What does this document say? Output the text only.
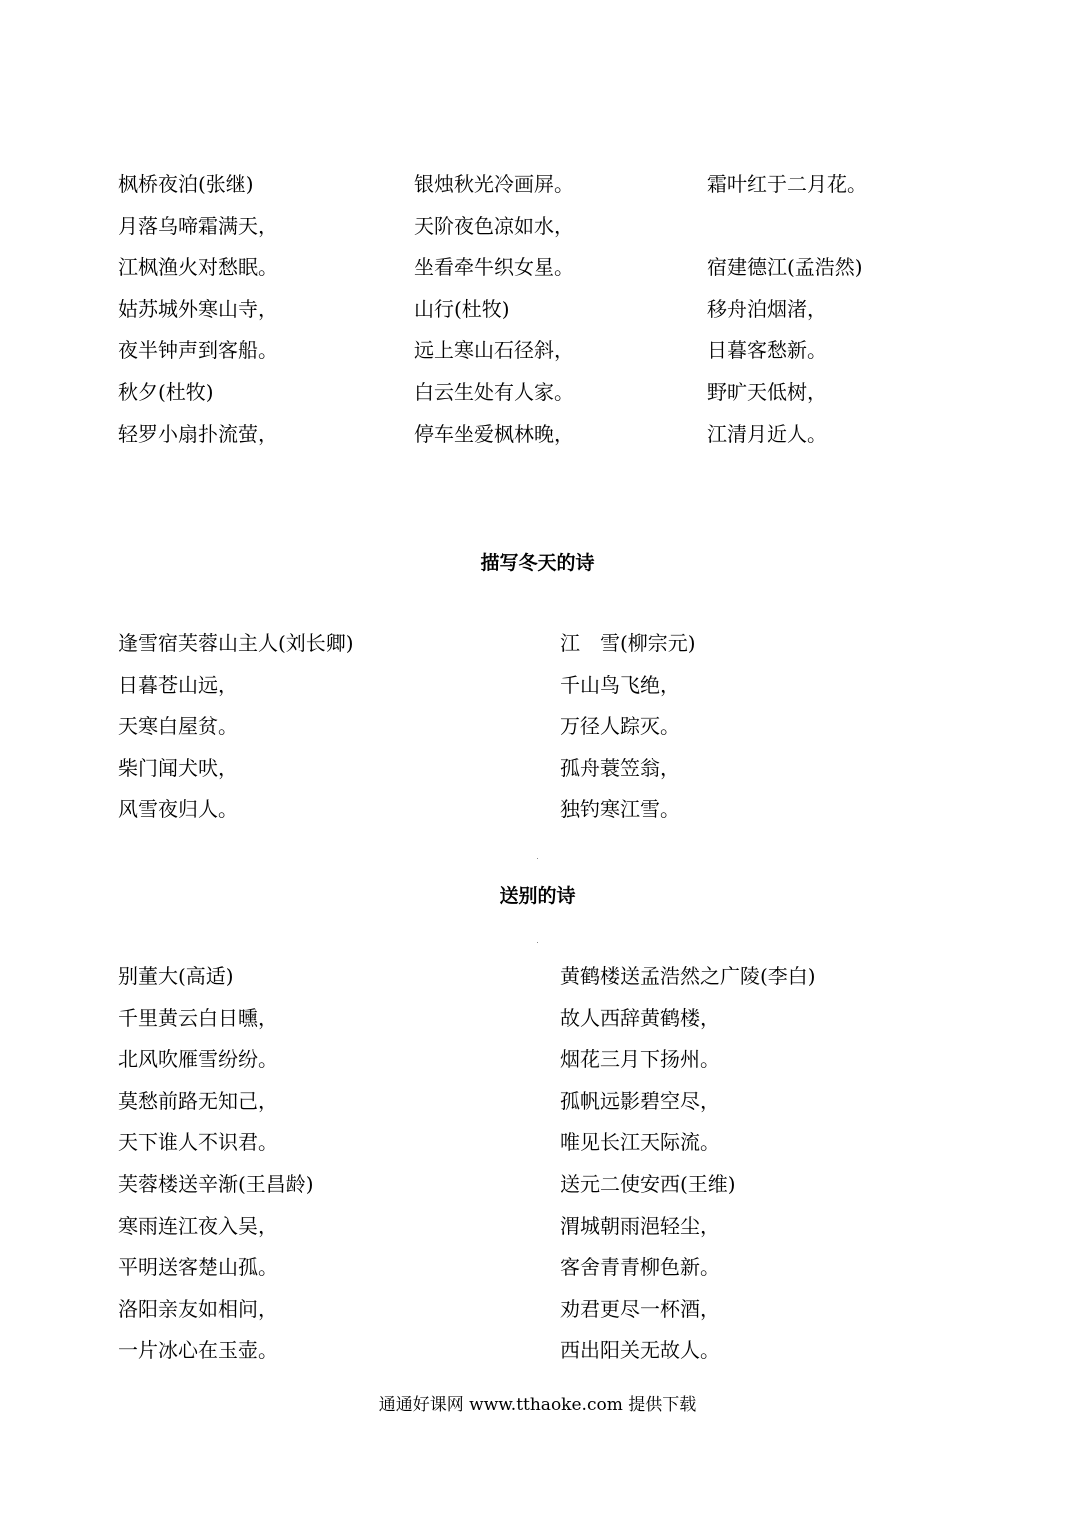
枫桥夜泊(张继)
月落乌啼霜满天，
江枫渔火对愁眠。
姑苏城外寒山寺，
夜半钟声到客船。
秋夕(杜牧)
轻罗小扇扑流萤，
银烛秋光冷画屏。
天阶夜色凉如水，
坐看牵牛织女星。
山行(杜牧)
远上寒山石径斜，
白云生处有人家。
停车坐爱枫林晚，
霜叶红于二月花。
宿建德江(孟浩然)
移舟泊烟渚，
日暮客愁新。
野旷天低树，
江清月近人。
描写冬天的诗
逢雪宿芙蓉山主人(刘长卿)
日暮苍山远，
天寒白屋贫。
柴门闻犬吠，
风雪夜归人。
江　雪(柳宗元)
千山鸟飞绝，
万径人踪灭。
孤舟蓑笠翁，
独钓寒江雪。
送别的诗
别董大(高适)
千里黄云白日曛，
北风吹雁雪纷纷。
莫愁前路无知己，
天下谁人不识君。
芙蓉楼送辛渐(王昌龄)
寒雨连江夜入吴，
平明送客楚山孤。
洛阳亲友如相问，
一片冰心在玉壶。
黄鹤楼送孟浩然之广陵(李白)
故人西辞黄鹤楼，
烟花三月下扬州。
孤帆远影碧空尽，
唯见长江天际流。
送元二使安西(王维)
渭城朝雨浥轻尘，
客舍青青柳色新。
劝君更尽一杯酒，
西出阳关无故人。
通通好课网 www.tthaoke.com 提供下载
